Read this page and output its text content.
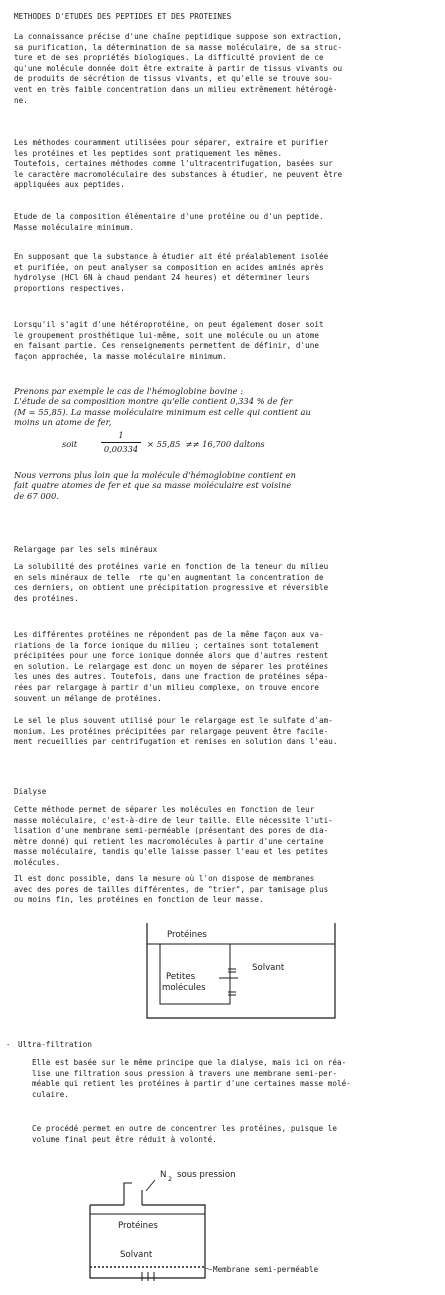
METHODES D'ETUDES DES PEPTIDES ET DES PROTEINES
La connaissance précise d'une chaîne peptidique suppose son extraction,
sa purification, la détermination de sa masse moléculaire, de sa struc-
ture et de ses propriétés biologiques. La difficulté provient de ce
qu'une molécule donnée doit être extraite à partir de tissus vivants ou
de produits de sécrétion de tissus vivants, et qu'elle se trouve sou-
vent en très faible concentration dans un milieu extrêmement hétérogè-
ne.
Les méthodes couramment utilisées pour séparer, extraire et purifier
les protéines et les peptides sont pratiquement les mêmes.
Toutefois, certaines méthodes comme l'ultracentrifugation, basées sur
le caractère macromoléculaire des substances à étudier, ne peuvent être
appliquées aux peptides.
Etude de la composition élémentaire d'une protéine ou d'un peptide.
Masse moléculaire minimum.
En supposant que la substance à étudier ait été préalablement isolée
et purifiée, on peut analyser sa composition en acides aminés après
hydrolyse (HCl 6N à chaud pendant 24 heures) et déterminer leurs
proportions respectives.
Lorsqu'il s'agit d'une hétéroprotéine, on peut également doser soit
le groupement prosthétique lui-même, soit une molécule ou un atome
en faisant partie. Ces renseignements permettent de définir, d'une
façon approchée, la masse moléculaire minimum.
Prenons par exemple le cas de l'hémoglobine bovine :
L'étude de sa composition montre qu'elle contient 0,334 % de fer
(M = 55,85). La masse moléculaire minimum est celle qui contient au
moins un atome de fer,
soit
1
0,00334	× 55,85  ≠≠ 16,700 daltons
Nous verrons plus loin que la molécule d'hémoglobine contient en
fait quatre atomes de fer et que sa masse moléculaire est voisine
de 67 000.
Relargage par les sels minéraux
La solubilité des protéines varie en fonction de la teneur du milieu
en sels minéraux de telle  rte qu'en augmentant la concentration de
ces derniers, on obtient une précipitation progressive et réversible
des protéines.
Les différentes protéines ne répondent pas de la même façon aux va-
riations de la force ionique du milieu ; certaines sont totalement
précipitées pour une force ionique donnée alors que d'autres restent
en solution. Le relargage est donc un moyen de séparer les protéines
les unes des autres. Toutefois, dans une fraction de protéines sépa-
rées par relargage à partir d'un milieu complexe, on trouve encore
souvent un mélange de protéines.
Le sel le plus souvent utilisé pour le relargage est le sulfate d'am-
monium. Les protéines précipitées par relargage peuvent être facile-
ment recueillies par centrifugation et remises en solution dans l'eau.
Dialyse
Cette méthode permet de séparer les molécules en fonction de leur
masse moléculaire, c'est-à-dire de leur taille. Elle nécessite l'uti-
lisation d'une membrane semi-perméable (présentant des pores de dia-
mètre donné) qui retient les macromolécules à partir d'une certaine
masse moléculaire, tandis qu'elle laisse passer l'eau et les petites
molécules.
Il est donc possible, dans la mesure où l'on dispose de membranes
avec des pores de tailles différentes, de "trier", par tamisage plus
ou moins fin, les protéines en fonction de leur masse.
Protéines
Solvant
Petites
molécules
- Ultra-filtration
Elle est basée sur le même principe que la dialyse, mais ici on réa-
lise une filtration sous pression à travers une membrane semi-per-
méable qui retient les protéines à partir d'une certaines masse molé-
culaire.
Ce procédé permet en outre de concentrer les protéines, puisque le
volume final peut être réduit à volonté.
N 2 sous pression
Protéines
Solvant
Membrane semi-perméable
